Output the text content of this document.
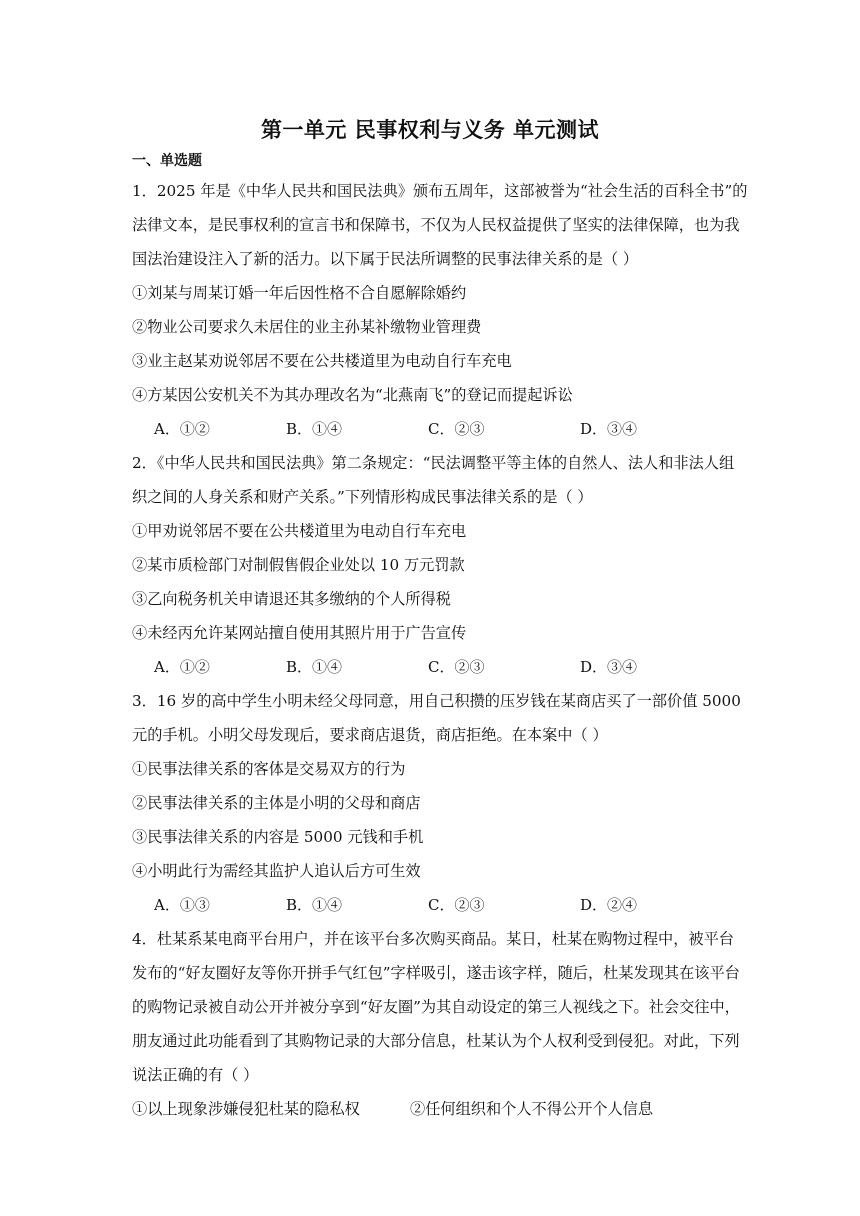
第一单元 民事权利与义务 单元测试
一、单选题
1．2025 年是《中华人民共和国民法典》颁布五周年，这部被誉为“社会生活的百科全书”的
法律文本，是民事权利的宣言书和保障书，不仅为人民权益提供了坚实的法律保障，也为我
国法治建设注入了新的活力。以下属于民法所调整的民事法律关系的是（ ）
①刘某与周某订婚一年后因性格不合自愿解除婚约
②物业公司要求久未居住的业主孙某补缴物业管理费
③业主赵某劝说邻居不要在公共楼道里为电动自行车充电
④方某因公安机关不为其办理改名为“北燕南飞”的登记而提起诉讼
A．①②	B．①④	C．②③	D．③④
2．《中华人民共和国民法典》第二条规定：“民法调整平等主体的自然人、法人和非法人组
织之间的人身关系和财产关系。”下列情形构成民事法律关系的是（ ）
①甲劝说邻居不要在公共楼道里为电动自行车充电
②某市质检部门对制假售假企业处以 10 万元罚款
③乙向税务机关申请退还其多缴纳的个人所得税
④未经丙允许某网站擅自使用其照片用于广告宣传
A．①②	B．①④	C．②③	D．③④
3．16 岁的高中学生小明未经父母同意，用自己积攒的压岁钱在某商店买了一部价值 5000
元的手机。小明父母发现后，要求商店退货，商店拒绝。在本案中（ ）
①民事法律关系的客体是交易双方的行为
②民事法律关系的主体是小明的父母和商店
③民事法律关系的内容是 5000 元钱和手机
④小明此行为需经其监护人追认后方可生效
A．①③	B．①④	C．②③	D．②④
4．杜某系某电商平台用户，并在该平台多次购买商品。某日，杜某在购物过程中，被平台
发布的“好友圈好友等你开拼手气红包”字样吸引，遂击该字样，随后，杜某发现其在该平台
的购物记录被自动公开并被分享到“好友圈”为其自动设定的第三人视线之下。社会交往中，
朋友通过此功能看到了其购物记录的大部分信息，杜某认为个人权利受到侵犯。对此，下列
说法正确的有（ ）
①以上现象涉嫌侵犯杜某的隐私权	②任何组织和个人不得公开个人信息
